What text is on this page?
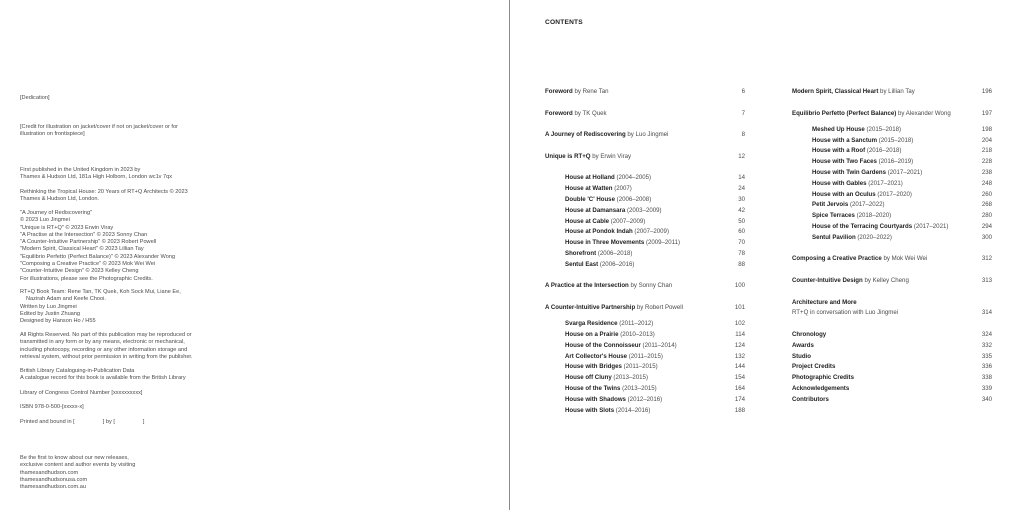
[Dedication]
[Credit for illustration on jacket/cover if not on jacket/cover or for
illustration on frontispiece]
First published in the United Kingdom in 2023 by
Thames & Hudson Ltd, 181a High Holborn, London wc1v 7qx
Rethinking the Tropical House: 20 Years of RT+Q Architects © 2023
Thames & Hudson Ltd, London.
"A Journey of Rediscovering"
© 2023 Luo Jingmei
"Unique is RT+Q" © 2023 Erwin Viray
"A Practise at the Intersection" © 2023 Sonny Chan
"A Counter-Intuitive Partnership" © 2023 Robert Powell
"Modern Spirit, Classical Heart" © 2023 Lillian Tay
"Equilibrio Perfetto (Perfect Balance)" © 2023 Alexander Wong
"Composing a Creative Practice" © 2023 Mok Wei Wei
"Counter-Intuitive Design" © 2023 Kelley Cheng
For illustrations, please see the Photographic Credits.
RT+Q Book Team: Rene Tan, TK Quek, Koh Sock Mui, Liane Ee,
Nazirah Adam and Keefe Chooi.
Written by Luo Jingmei
Edited by Justin Zhuang
Designed by Hanson Ho / H55
All Rights Reserved. No part of this publication may be reproduced or
transmitted in any form or by any means, electronic or mechanical,
including photocopy, recording or any other information storage and
retrieval system, without prior permission in writing from the publisher.
British Library Cataloguing-in-Publication Data
A catalogue record for this book is available from the British Library
Library of Congress Control Number [xxxxxxxxxx]
ISBN 978-0-500-[xxxxx-x]
Printed and bound in [	] by [	]
Be the first to know about our new releases,
exclusive content and author events by visiting
thamesandhudson.com
thamesandhudsonusa.com
thamesandhudson.com.au
CONTENTS
Foreword by Rene Tan	6
Foreword by TK Quek	7
A Journey of Rediscovering by Luo Jingmei	8
Unique is RT+Q by Erwin Viray	12
House at Holland (2004–2005)	14
House at Watten (2007)	24
Double 'C' House (2006–2008)	30
House at Damansara (2003–2009)	42
House at Cable (2007–2009)	50
House at Pondok Indah (2007–2009)	60
House in Three Movements (2009–2011)	70
Shorefront (2006–2018)	78
Sentul East (2006–2016)	88
A Practice at the Intersection by Sonny Chan	100
A Counter-Intuitive Partnership by Robert Powell	101
Svarga Residence (2011–2012)	102
House on a Prairie (2010–2013)	114
House of the Connoisseur (2011–2014)	124
Art Collector's House (2011–2015)	132
House with Bridges (2011–2015)	144
House off Cluny (2013–2015)	154
House of the Twins (2013–2015)	164
House with Shadows (2012–2016)	174
House with Slots (2014–2016)	188
Modern Spirit, Classical Heart by Lillian Tay	196
Equilibrio Perfetto (Perfect Balance) by Alexander Wong	197
Meshed Up House (2015–2018)	198
House with a Sanctum (2015–2018)	204
House with a Roof (2016–2018)	218
House with Two Faces (2016–2019)	228
House with Twin Gardens (2017–2021)	238
House with Gables (2017–2021)	248
House with an Oculus (2017–2020)	260
Petit Jervois (2017–2022)	268
Spice Terraces (2018–2020)	280
House of the Terracing Courtyards (2017–2021)	294
Sentul Pavilion (2020–2022)	300
Composing a Creative Practice by Mok Wei Wei	312
Counter-Intuitive Design by Kelley Cheng	313
Architecture and More
RT+Q in conversation with Luo Jingmei	314
Chronology	324
Awards	332
Studio	335
Project Credits	336
Photographic Credits	338
Acknowledgements	339
Contributors	340
